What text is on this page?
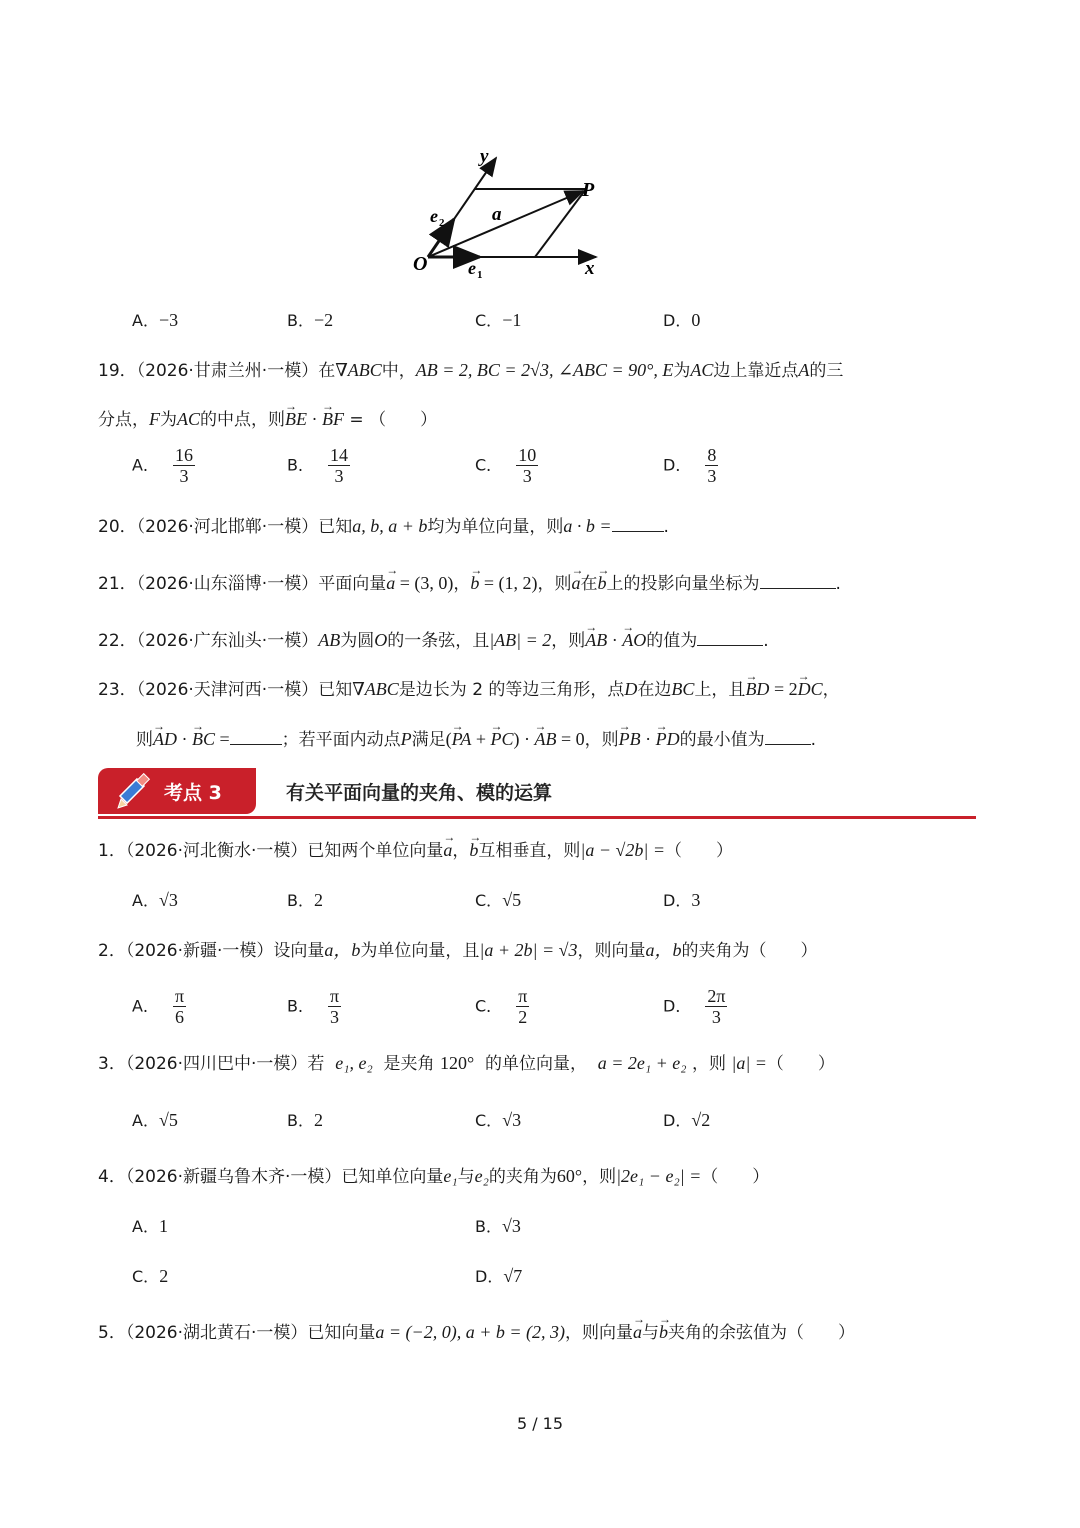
y
x
O
P
a
e 1
e 2
A．−3	B．−2	C．−1	D．0
19．（2026·甘肃兰州·一模）在∇ABC中，AB = 2, BC = 2√3, ∠ABC = 90°, E为AC边上靠近点A的三
分点，F为AC的中点，则→ BE · → BF = （　　）
A． $\frac{16}{3}$	B． $\frac{14}{3}$	C． $\frac{10}{3}$	D． $\frac{8}{3}$
20．（2026·河北邯郸·一模）已知a, b, a + b均为单位向量，则a · b =	.
21．（2026·山东淄博·一模）平面向量→ a = (3, 0)，→ b = (1, 2)，则→ a在→ b上的投影向量坐标为	.
22．（2026·广东汕头·一模）AB为圆O的一条弦，且|AB| = 2，则→ AB · → AO的值为	.
23．（2026·天津河西·一模）已知∇ABC是边长为 2 的等边三角形，点D在边BC上，且→ BD = 2→ DC，
则→ AD · → BC =	；若平面内动点P满足(→ PA + → PC) · → AB = 0，则→ PB · → PD的最小值为	.
考点 3	有关平面向量的夹角、模的运算
1．（2026·河北衡水·一模）已知两个单位向量→ a，→ b互相垂直，则|a − √2b| =（　　）
A．√3	B．2	C．√5	D．3
2．（2026·新疆·一模）设向量a，b为单位向量，且|a + 2b| = √3，则向量a，b的夹角为（　　）
A． $\frac{\pi}{6}$	B． $\frac{\pi}{3}$	C． $\frac{\pi}{2}$	D． $\frac{2\pi}{3}$
3．（2026·四川巴中·一模）若 e₁, e₂ 是夹角 120° 的单位向量， a = 2e₁ + e₂ ，则 |a| =（　　）
A．√5	B．2	C．√3	D．√2
4．（2026·新疆乌鲁木齐·一模）已知单位向量e₁与e₂的夹角为60°，则|2e₁ − e₂| =（　　）
A．1	B．√3
C．2	D．√7
5．（2026·湖北黄石·一模）已知向量a = (−2, 0), a + b = (2, 3)，则向量→ a与→ b夹角的余弦值为（　　）
5 / 15
